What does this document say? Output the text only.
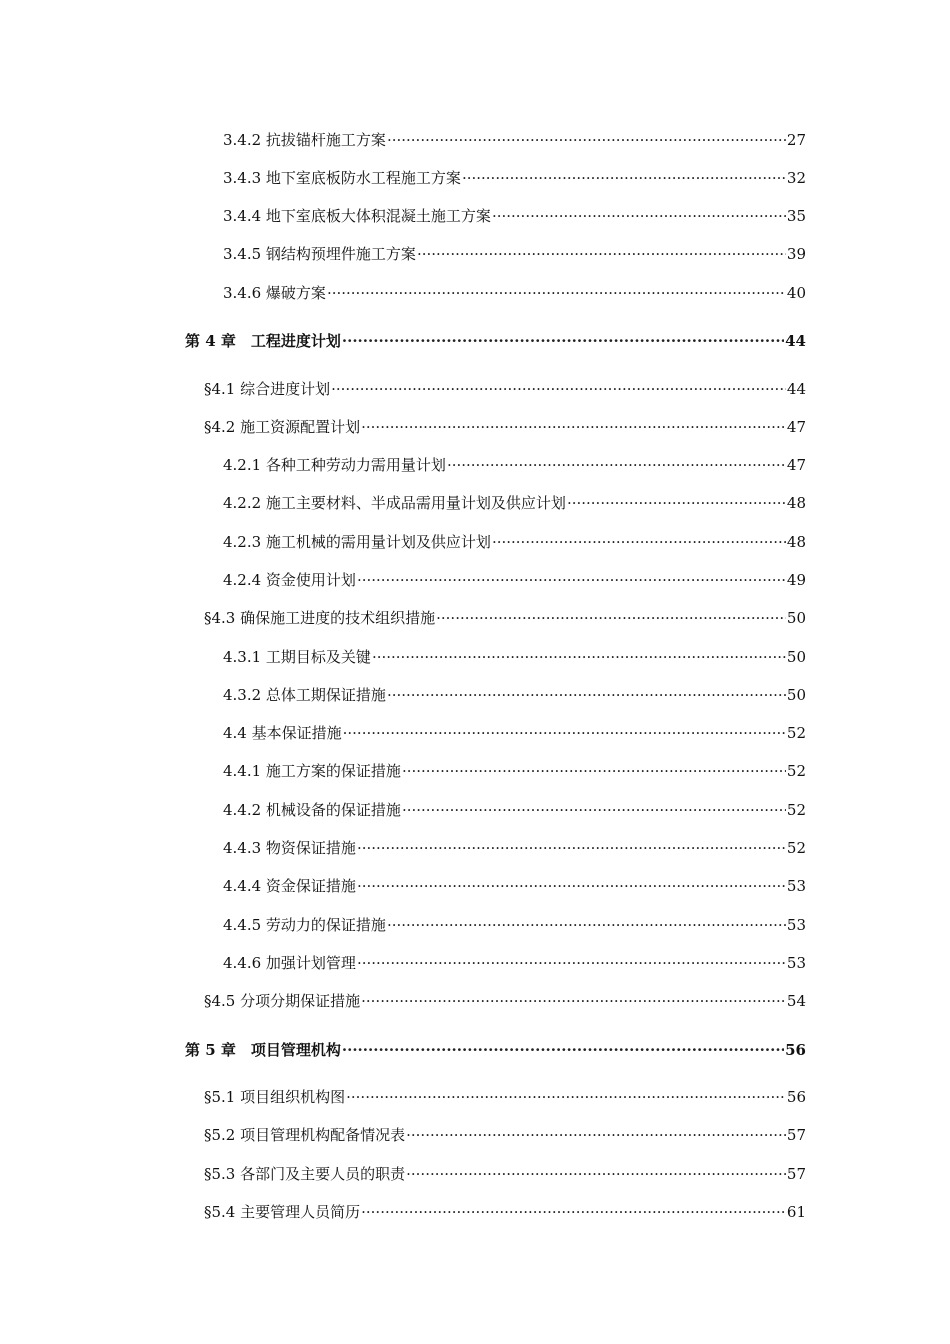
3.4.2 抗拔锚杆施工方案 ·····	27
3.4.3 地下室底板防水工程施工方案 ·····	32
3.4.4 地下室底板大体积混凝土施工方案 ·····	35
3.4.5 钢结构预埋件施工方案 ·····	39
3.4.6 爆破方案 ·····	40
第 4 章　工程进度计划 ·····	44
§4.1 综合进度计划 ·····	44
§4.2 施工资源配置计划 ·····	47
4.2.1 各种工种劳动力需用量计划 ·····	47
4.2.2 施工主要材料、半成品需用量计划及供应计划 ·····	48
4.2.3 施工机械的需用量计划及供应计划 ·····	48
4.2.4 资金使用计划 ·····	49
§4.3 确保施工进度的技术组织措施 ·····	50
4.3.1 工期目标及关键 ·····	50
4.3.2 总体工期保证措施 ·····	50
4.4 基本保证措施 ·····	52
4.4.1 施工方案的保证措施 ·····	52
4.4.2 机械设备的保证措施 ·····	52
4.4.3 物资保证措施 ·····	52
4.4.4 资金保证措施 ·····	53
4.4.5 劳动力的保证措施 ·····	53
4.4.6 加强计划管理 ·····	53
§4.5 分项分期保证措施 ·····	54
第 5 章　项目管理机构 ·····	56
§5.1 项目组织机构图 ·····	56
§5.2 项目管理机构配备情况表 ·····	57
§5.3 各部门及主要人员的职责 ·····	57
§5.4 主要管理人员简历 ·····	61
